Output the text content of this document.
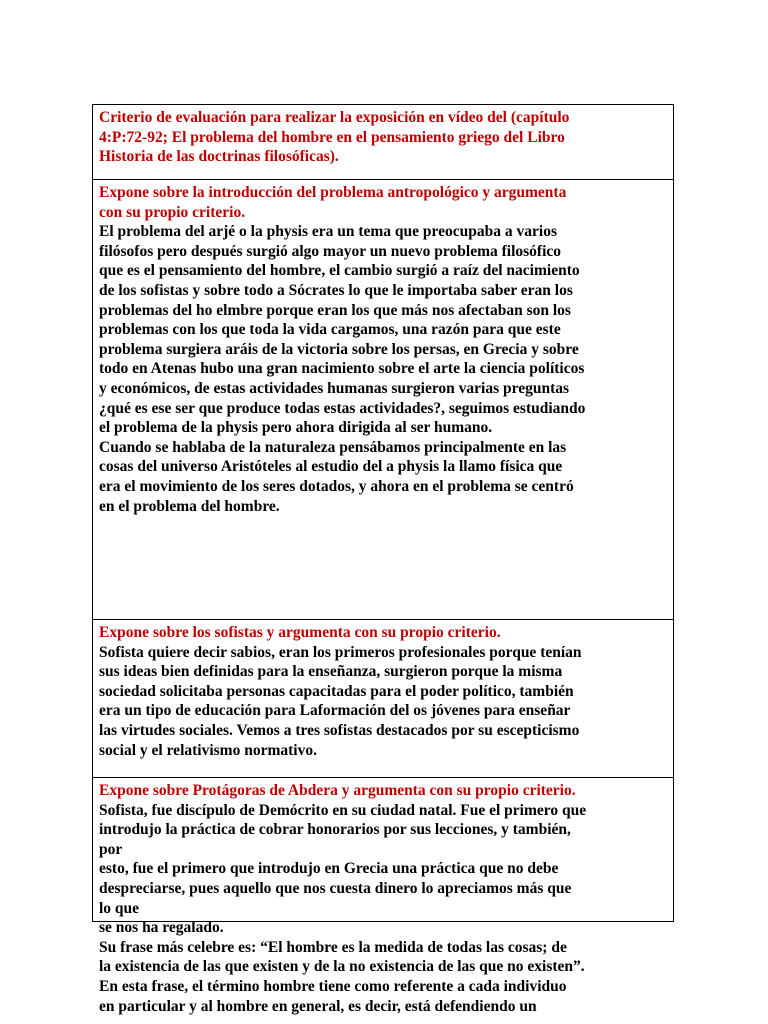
Criterio de evaluación para realizar la exposición en vídeo del (capítulo
4:P:72-92; El problema del hombre en el pensamiento griego del Libro
Historia de las doctrinas filosóficas).
Expone sobre la introducción del problema antropológico y argumenta
con su propio criterio.
El problema del arjé o la physis era un tema que preocupaba a varios
filósofos pero después surgió algo mayor un nuevo problema filosófico
que es el pensamiento del hombre, el cambio surgió a raíz del nacimiento
de los sofistas y sobre todo a Sócrates lo que le importaba saber eran los
problemas del ho elmbre porque eran los que más nos afectaban son los
problemas con los que toda la vida cargamos, una razón para que este
problema surgiera aráis de la victoria sobre los persas, en Grecia y sobre
todo en Atenas hubo una gran nacimiento sobre el arte la ciencia políticos
y económicos, de estas actividades humanas surgieron varias preguntas
¿qué es ese ser que produce todas estas actividades?, seguimos estudiando
el problema de la physis pero ahora dirigida al ser humano.
Cuando se hablaba de la naturaleza pensábamos principalmente en las
cosas del universo Aristóteles al estudio del a physis la llamo física que
era el movimiento de los seres dotados, y ahora en el problema se centró
en el problema del hombre.
Expone sobre los sofistas y argumenta con su propio criterio.
Sofista quiere decir sabios, eran los primeros profesionales porque tenían
sus ideas bien definidas para la enseñanza, surgieron porque la misma
sociedad solicitaba personas capacitadas para el poder político, también
era un tipo de educación para Laformación del os jóvenes para enseñar
las virtudes sociales. Vemos a tres sofistas destacados por su escepticismo
social y el relativismo normativo.
Expone sobre Protágoras de Abdera y argumenta con su propio criterio.
Sofista, fue discípulo de Demócrito en su ciudad natal. Fue el primero que
introdujo la práctica de cobrar honorarios por sus lecciones, y también,
por
esto, fue el primero que introdujo en Grecia una práctica que no debe
despreciarse, pues aquello que nos cuesta dinero lo apreciamos más que
lo que
se nos ha regalado.
Su frase más celebre es: “El hombre es la medida de todas las cosas; de
la existencia de las que existen y de la no existencia de las que no existen”.
En esta frase, el término hombre tiene como referente a cada individuo
en particular y al hombre en general, es decir, está defendiendo un
